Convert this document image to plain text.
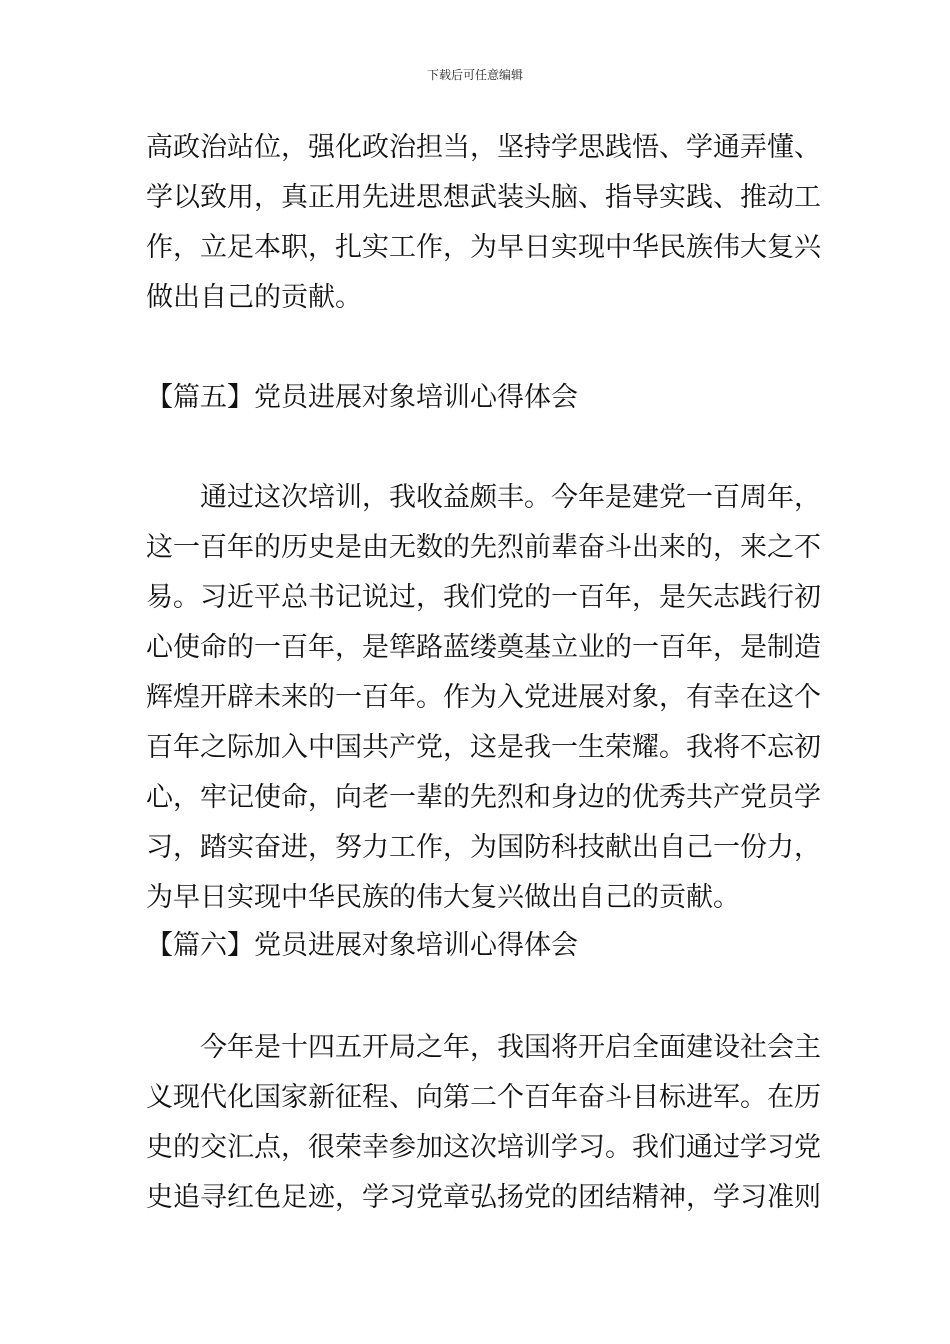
下载后可任意编辑
高政治站位，强化政治担当，坚持学思践悟、学通弄懂、
学以致用，真正用先进思想武装头脑、指导实践、推动工
作，立足本职，扎实工作，为早日实现中华民族伟大复兴
做出自己的贡献。
【篇五】党员进展对象培训心得体会
　　通过这次培训，我收益颇丰。今年是建党一百周年，
这一百年的历史是由无数的先烈前辈奋斗出来的，来之不
易。习近平总书记说过，我们党的一百年，是矢志践行初
心使命的一百年，是筚路蓝缕奠基立业的一百年，是制造
辉煌开辟未来的一百年。作为入党进展对象，有幸在这个
百年之际加入中国共产党，这是我一生荣耀。我将不忘初
心，牢记使命，向老一辈的先烈和身边的优秀共产党员学
习，踏实奋进，努力工作，为国防科技献出自己一份力，
为早日实现中华民族的伟大复兴做出自己的贡献。
【篇六】党员进展对象培训心得体会
　　今年是十四五开局之年，我国将开启全面建设社会主
义现代化国家新征程、向第二个百年奋斗目标进军。在历
史的交汇点，很荣幸参加这次培训学习。我们通过学习党
史追寻红色足迹，学习党章弘扬党的团结精神，学习准则
